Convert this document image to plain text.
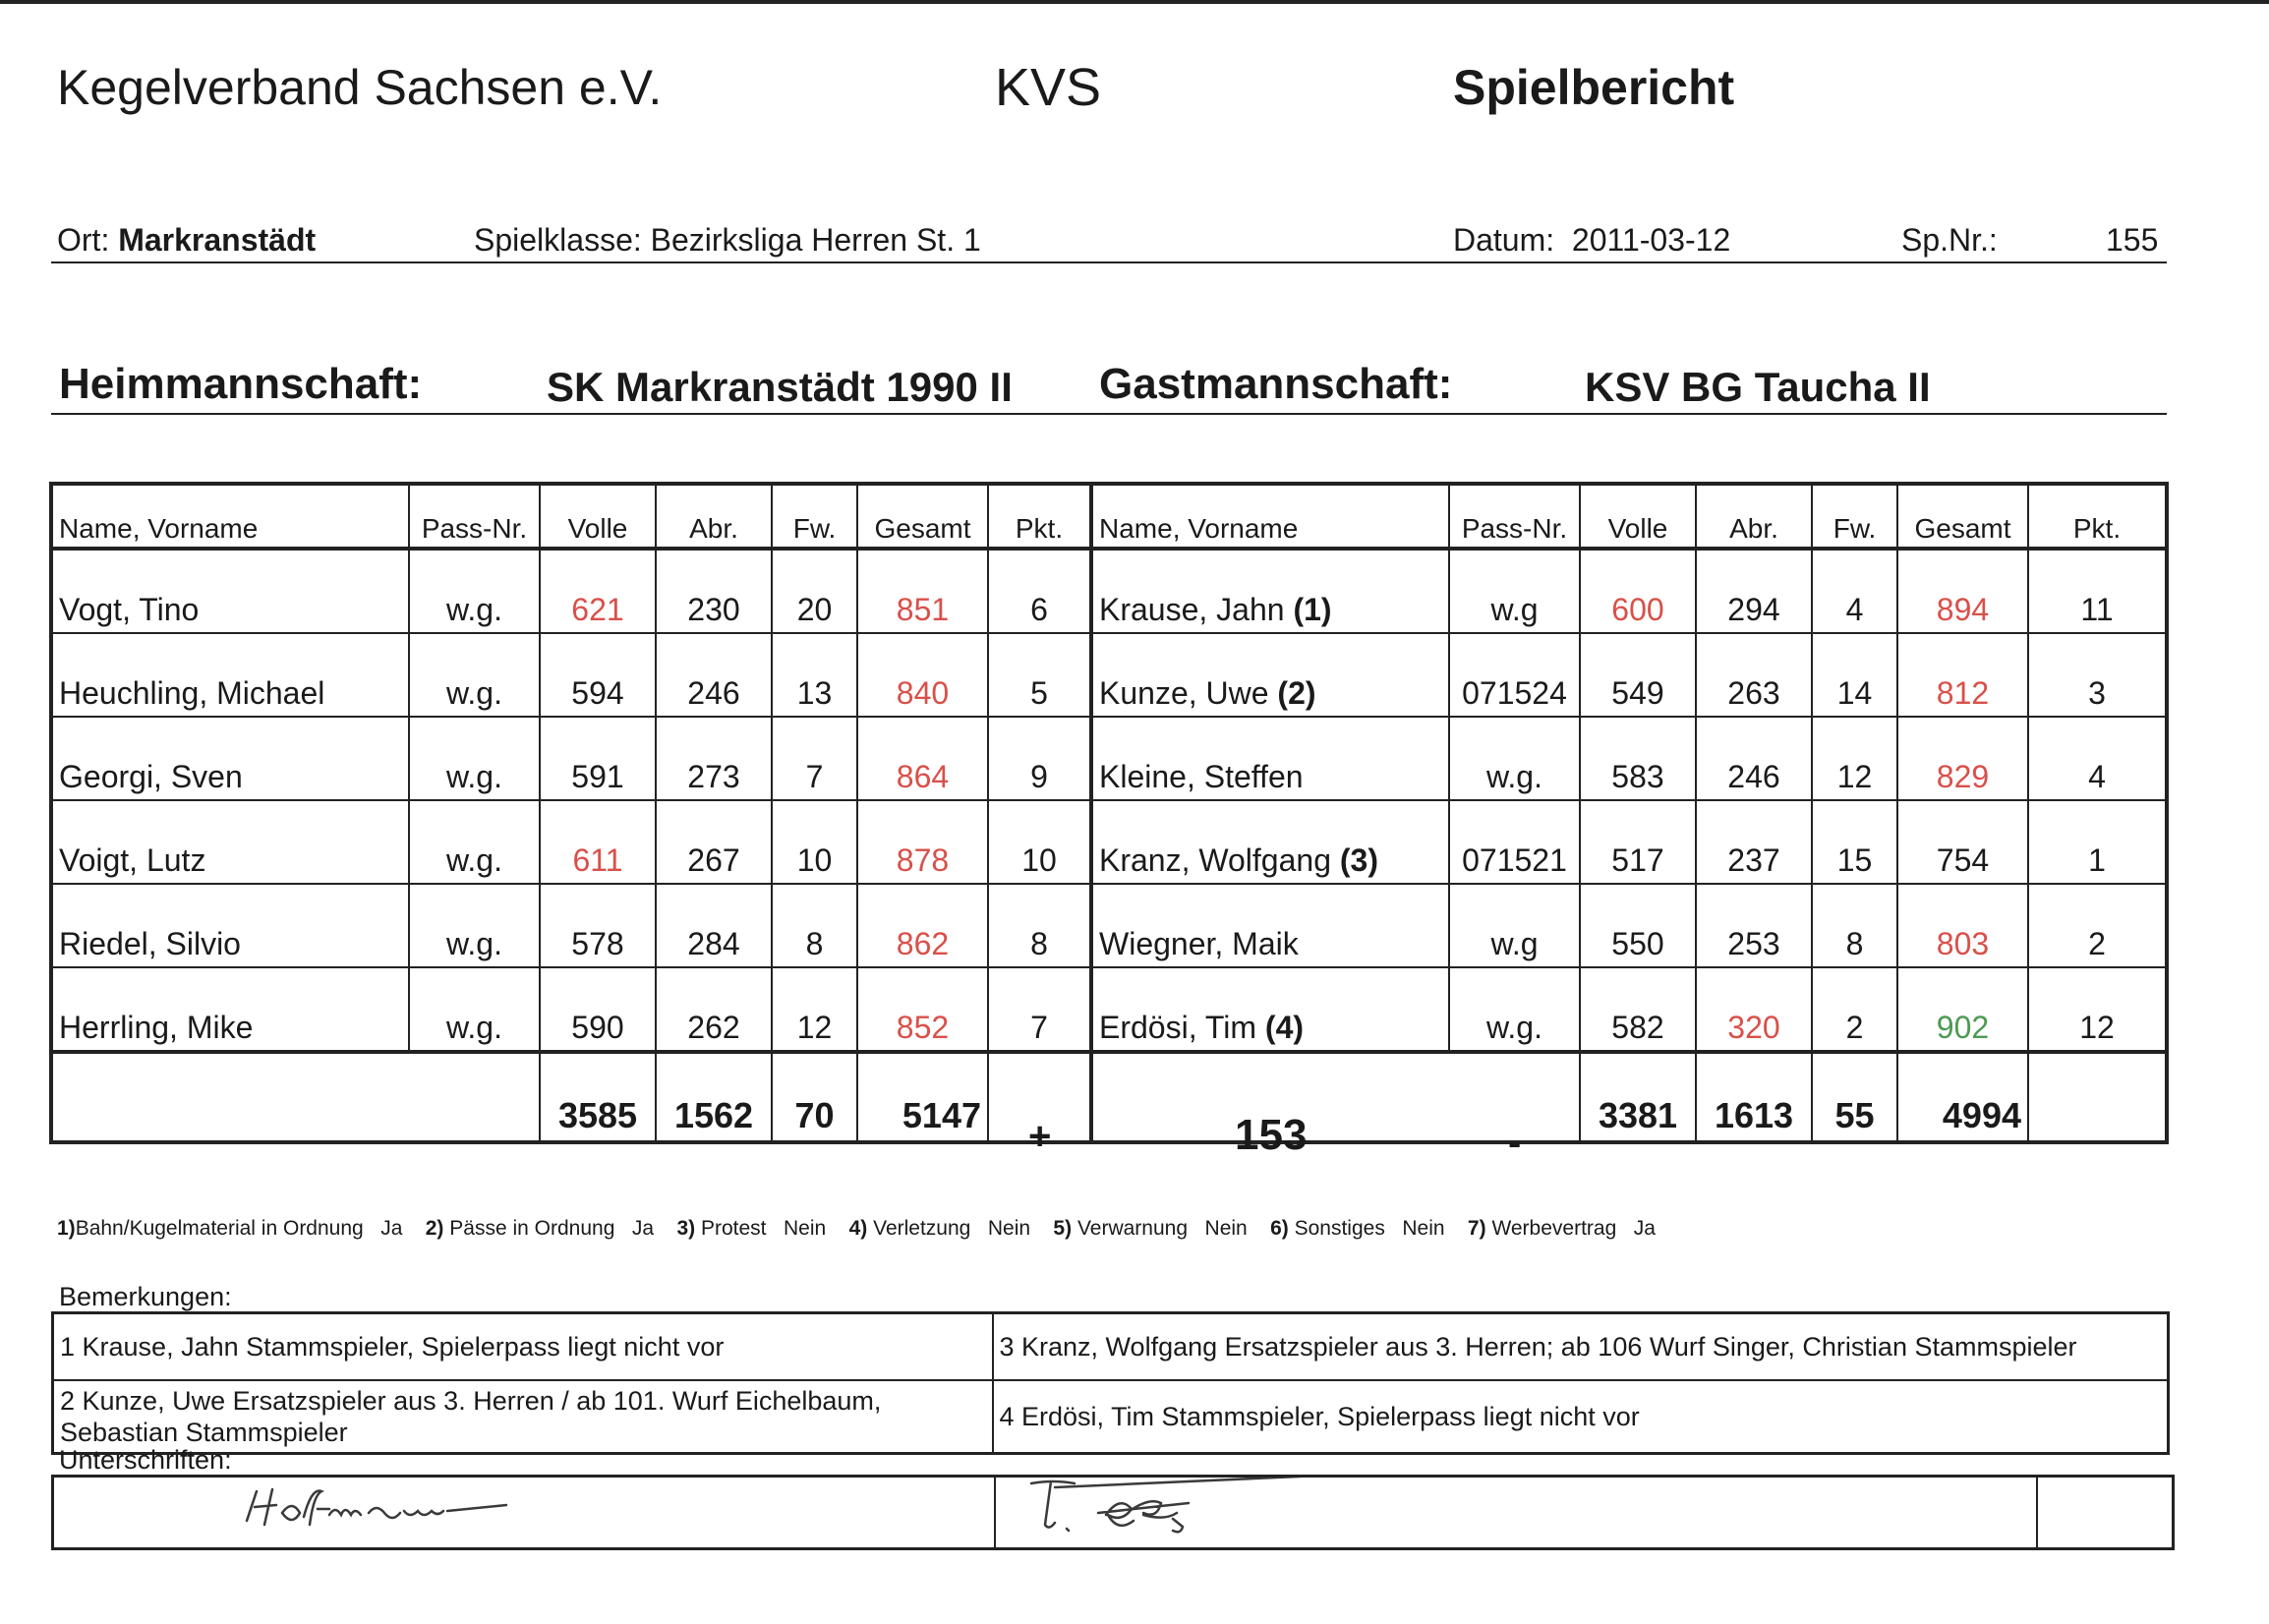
Kegelverband Sachsen e.V.	KVS	Spielbericht
Ort: Markranstädt	Spielklasse: Bezirksliga Herren St. 1	Datum: 2011-03-12	Sp.Nr.:	155
Heimmannschaft:	SK Markranstädt 1990 II Gastmannschaft:	KSV BG Taucha II
Name, Vorname	Pass-Nr.	Volle	Abr.	Fw.	Gesamt	Pkt.	Name, Vorname	Pass-Nr.	Volle	Abr.	Fw.	Gesamt	Pkt.
Vogt, Tino	w.g.	621	230	20	851	6	Krause, Jahn (1)	w.g	600	294	4	894	11
Heuchling, Michael	w.g.	594	246	13	840	5	Kunze, Uwe (2)	071524	549	263	14	812	3
Georgi, Sven	w.g.	591	273	7	864	9	Kleine, Steffen	w.g.	583	246	12	829	4
Voigt, Lutz	w.g.	611	267	10	878	10	Kranz, Wolfgang (3)	071521	517	237	15	754	1
Riedel, Silvio	w.g.	578	284	8	862	8	Wiegner, Maik	w.g	550	253	8	803	2
Herrling, Mike	w.g.	590	262	12	852	7	Erdösi, Tim (4)	w.g.	582	320	2	902	12
		3585	1562	70	5147				3381	1613	55	4994	
+	153	-
1)Bahn/Kugelmaterial in Ordnung Ja 2) Pässe in Ordnung Ja 3) Protest Nein 4) Verletzung Nein 5) Verwarnung Nein 6) Sonstiges Nein 7) Werbevertrag Ja
Bemerkungen:
1 Krause, Jahn Stammspieler, Spielerpass liegt nicht vor	3 Kranz, Wolfgang Ersatzspieler aus 3. Herren; ab 106 Wurf Singer, Christian Stammspieler
2 Kunze, Uwe Ersatzspieler aus 3. Herren / ab 101. Wurf Eichelbaum,
Sebastian Stammspieler	4 Erdösi, Tim Stammspieler, Spielerpass liegt nicht vor
Unterschriften:
